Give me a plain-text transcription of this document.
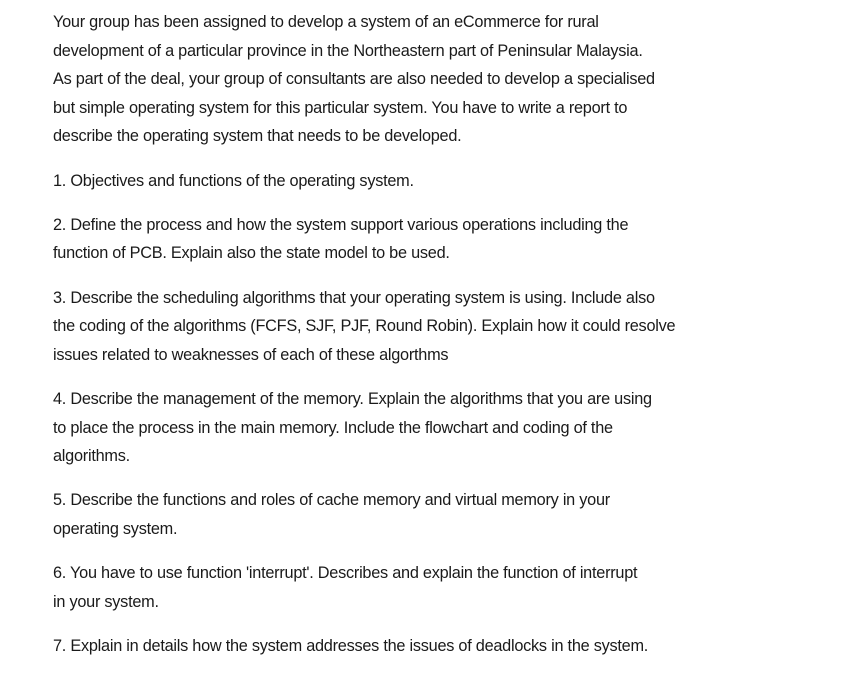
Your group has been assigned to develop a system of an eCommerce for rural
development of a particular province in the Northeastern part of Peninsular Malaysia.
As part of the deal, your group of consultants are also needed to develop a specialised
but simple operating system for this particular system. You have to write a report to
describe the operating system that needs to be developed.
1. Objectives and functions of the operating system.
2. Define the process and how the system support various operations including the
function of PCB. Explain also the state model to be used.
3. Describe the scheduling algorithms that your operating system is using. Include also
the coding of the algorithms (FCFS, SJF, PJF, Round Robin). Explain how it could resolve
issues related to weaknesses of each of these algorthms
4. Describe the management of the memory. Explain the algorithms that you are using
to place the process in the main memory. Include the flowchart and coding of the
algorithms.
5. Describe the functions and roles of cache memory and virtual memory in your
operating system.
6. You have to use function 'interrupt'. Describes and explain the function of interrupt
in your system.
7. Explain in details how the system addresses the issues of deadlocks in the system.
